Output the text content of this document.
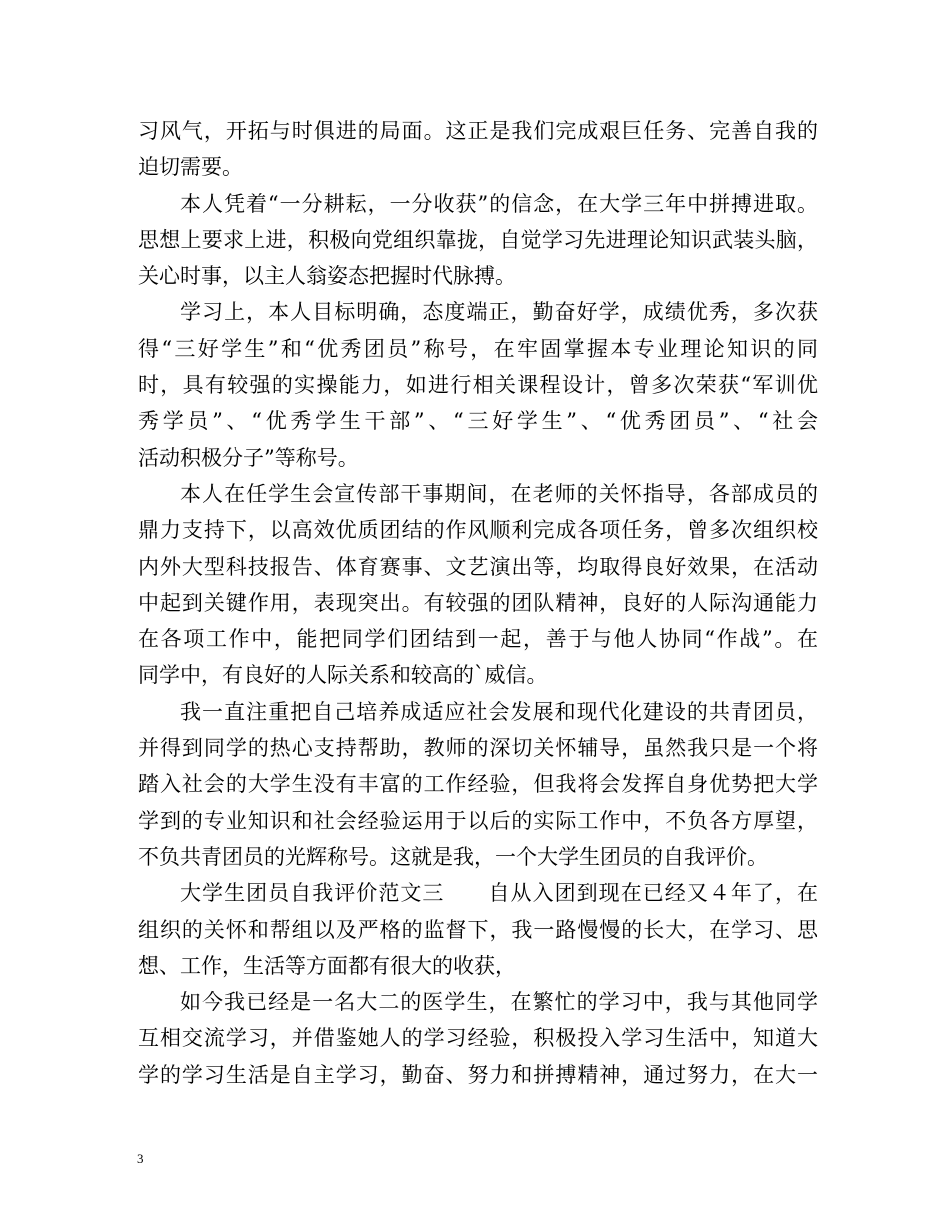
习风气，开拓与时俱进的局面。这正是我们完成艰巨任务、完善自我的
迫切需要。
本人凭着“一分耕耘，一分收获”的信念，在大学三年中拼搏进取。
思想上要求上进，积极向党组织靠拢，自觉学习先进理论知识武装头脑，
关心时事，以主人翁姿态把握时代脉搏。
学习上，本人目标明确，态度端正，勤奋好学，成绩优秀，多次获
得“三好学生”和“优秀团员”称号，在牢固掌握本专业理论知识的同
时，具有较强的实操能力，如进行相关课程设计，曾多次荣获“军训优
秀学员”、“优秀学生干部”、“三好学生”、“优秀团员”、“社会
活动积极分子”等称号。
本人在任学生会宣传部干事期间，在老师的关怀指导，各部成员的
鼎力支持下，以高效优质团结的作风顺利完成各项任务，曾多次组织校
内外大型科技报告、体育赛事、文艺演出等，均取得良好效果，在活动
中起到关键作用，表现突出。有较强的团队精神，良好的人际沟通能力
在各项工作中，能把同学们团结到一起，善于与他人协同“作战”。在
同学中，有良好的人际关系和较高的`威信。
我一直注重把自己培养成适应社会发展和现代化建设的共青团员，
并得到同学的热心支持帮助，教师的深切关怀辅导，虽然我只是一个将
踏入社会的大学生没有丰富的工作经验，但我将会发挥自身优势把大学
学到的专业知识和社会经验运用于以后的实际工作中，不负各方厚望，
不负共青团员的光辉称号。这就是我，一个大学生团员的自我评价。
大学生团员自我评价范文三　　自从入团到现在已经又４年了，在
组织的关怀和帮组以及严格的监督下，我一路慢慢的长大，在学习、思
想、工作，生活等方面都有很大的收获，
如今我已经是一名大二的医学生，在繁忙的学习中，我与其他同学
互相交流学习，并借鉴她人的学习经验，积极投入学习生活中，知道大
学的学习生活是自主学习，勤奋、努力和拼搏精神，通过努力，在大一
3
